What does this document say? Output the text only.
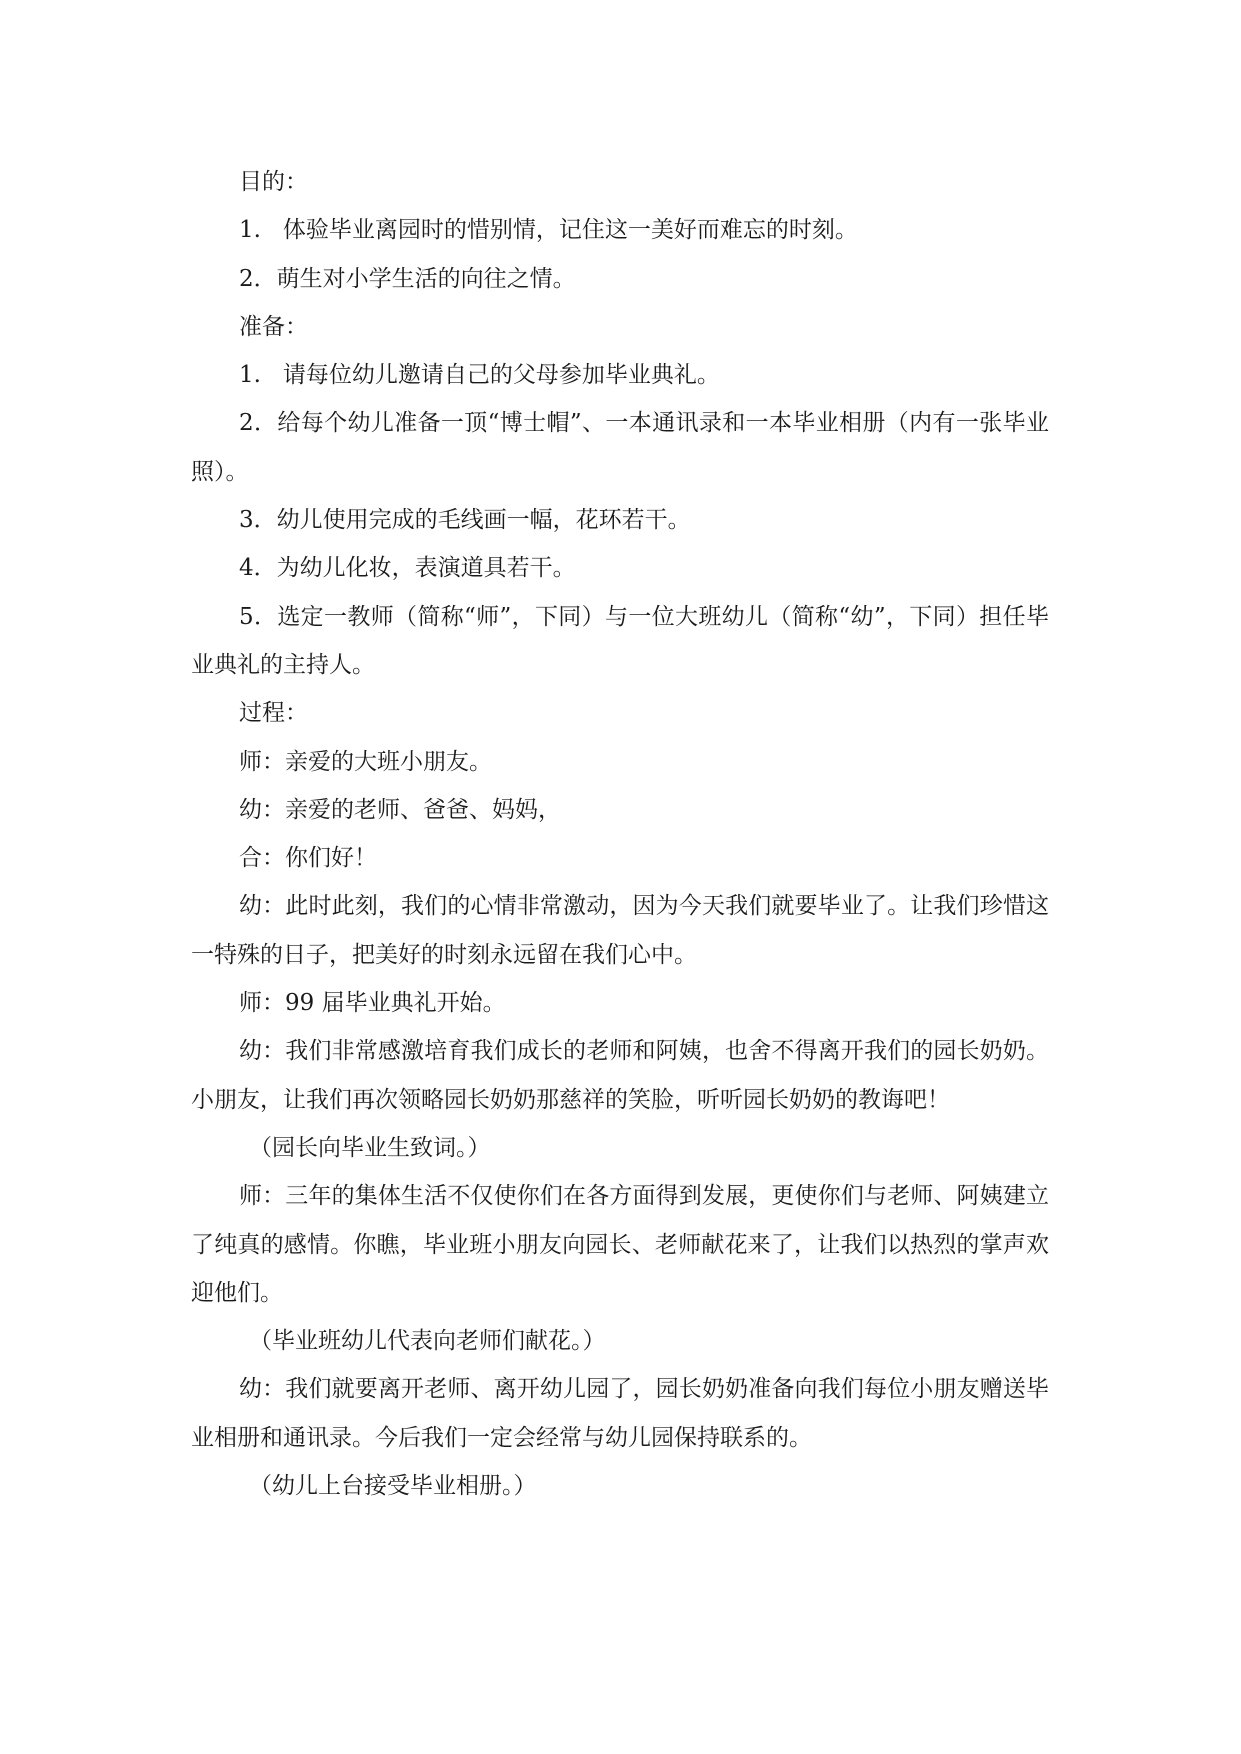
目的：

1.   体验毕业离园时的惜别情，记住这一美好而难忘的时刻。

2．萌生对小学生活的向往之情。

准备：

1.   请每位幼儿邀请自己的父母参加毕业典礼。

2．给每个幼儿准备一顶“博士帽”、一本通讯录和一本毕业相册（内有一张毕业照）。

3．幼儿使用完成的毛线画一幅，花环若干。

4．为幼儿化妆，表演道具若干。

5．选定一教师（简称“师”，下同）与一位大班幼儿（简称“幼”，下同）担任毕业典礼的主持人。

过程：

师：亲爱的大班小朋友。

幼：亲爱的老师、爸爸、妈妈，

合：你们好！

幼：此时此刻，我们的心情非常激动，因为今天我们就要毕业了。让我们珍惜这一特殊的日子，把美好的时刻永远留在我们心中。

师：99 届毕业典礼开始。

幼：我们非常感激培育我们成长的老师和阿姨，也舍不得离开我们的园长奶奶。小朋友，让我们再次领略园长奶奶那慈祥的笑脸，听听园长奶奶的教诲吧！

（园长向毕业生致词。）

师：三年的集体生活不仅使你们在各方面得到发展，更使你们与老师、阿姨建立了纯真的感情。你瞧，毕业班小朋友向园长、老师献花来了，让我们以热烈的掌声欢迎他们。

（毕业班幼儿代表向老师们献花。）

幼：我们就要离开老师、离开幼儿园了，园长奶奶准备向我们每位小朋友赠送毕业相册和通讯录。今后我们一定会经常与幼儿园保持联系的。

（幼儿上台接受毕业相册。）
